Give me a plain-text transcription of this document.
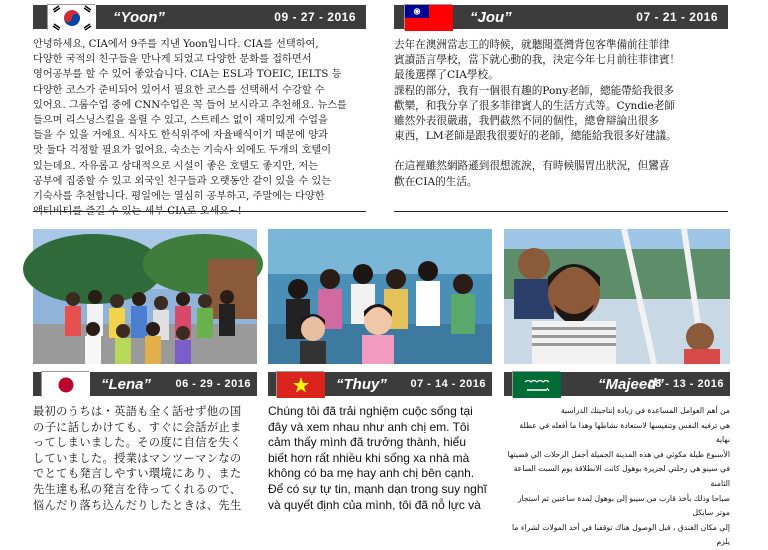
“Yoon”	09 - 27 - 2016

안녕하세요, CIA에서 9주를 지낸 Yoon입니다. CIA를 선택하여,

다양한 국적의 친구들을 만나게 되었고 다양한 문화를 접하면서

영어공부를 할 수 있어 좋았습니다. CIA는 ESL과 TOEIC, IELTS 등

다양한 코스가 준비되어 있어서 필요한 코스를 선택해서 수강할 수

있어요. 그룹수업 중에 CNN수업은 꼭 들어 보시라고 추천해요. 뉴스를

들으며 리스닝스킬을 올릴 수 있고, 스트레스 없이 재미있게 수업을

들을 수 있을 거에요. 식사도 한식위주에 자율배식이기 때문에 양과

맛 둘다 걱정할 필요가 없어요. 숙소는 기숙사 외에도 두개의 호텔이

있는데요. 자유롭고 상대적으로 시설이 좋은 호텔도 좋지만, 저는

공부에 집중할 수 있고 외국인 친구들과 오랫동안 같이 있을 수 있는

기숙사를 추천합니다. 평일에는 열심히 공부하고, 주말에는 다양한

“Jou”	07 - 21 - 2016

去年在澳洲當志工的時候，就聽聞臺灣背包客準備前往菲律

賓讀語言學校，當下就心動的我，決定今年七月前往菲律賓！

最後選擇了CIA學校。

課程的部分，我有一個很有趣的Pony老師，總能帶給我很多

歡樂，和我分享了很多菲律賓人的生活方式等。Cyndie老師

雖然外表很嚴肅，我們截然不同的個性，總會辯論出很多

東西，LM老師是跟我很要好的老師，總能給我很多好建議。

在這裡雖然網路遜到很想流淚，有時候腸胃出狀況，但鸞喜

歡在CIA的生活。

“Lena” 06 - 29 - 2016

最初のうちは・英語も全く話せず他の国

の子に話しかけても、すぐに会話が止ま

ってしまいました。その度に自信を失く

していました。授業はマンツーマンなの

でとても発言しやすい環境にあり、また

先生達も私の発言を待ってくれるので、

悩んだり落ち込んだりしたときは、先生

“Thuy” 07 - 14 - 2016

Chúng tôi đã trải nghiệm cuộc sống tại

đây và xem nhau như anh chị em. Tôi

cảm thấy mình đã trưởng thành, hiểu

biết hơn rất nhiều khi sống xa nhà mà

không có ba mẹ hay anh chị bên cạnh.

Để có sự tự tin, mạnh dạn trong suy nghĩ

và quyết định của mình, tôi đã nỗ lực và

“Majeed”
08 - 13 - 2016

من أهم العوامل المساعدة في زيادة إنتاجيتك الدراسية

هي ترفيه النفس وتنفيسها لاستعادة نشاطها وهذا ما أفعله في عطلة نهاية

الأسبوع طيلة مكوثي في هذه المدينة الجميلة أجمل الرحلات الي قضيتها

في سيبو هي رحلتي لجزيرة بوهول كانت الانطلاقة يوم السبت الساعة الثامنة

صباحا وذلك بأخذ قارب من سيبو إلى بوهول لمدة ساعتين ثم استجار

موتر سايكل

إلى مكان الفندق ، قبل الوصول هناك توقفنا في أحد المولات لشراء ما يلزم
